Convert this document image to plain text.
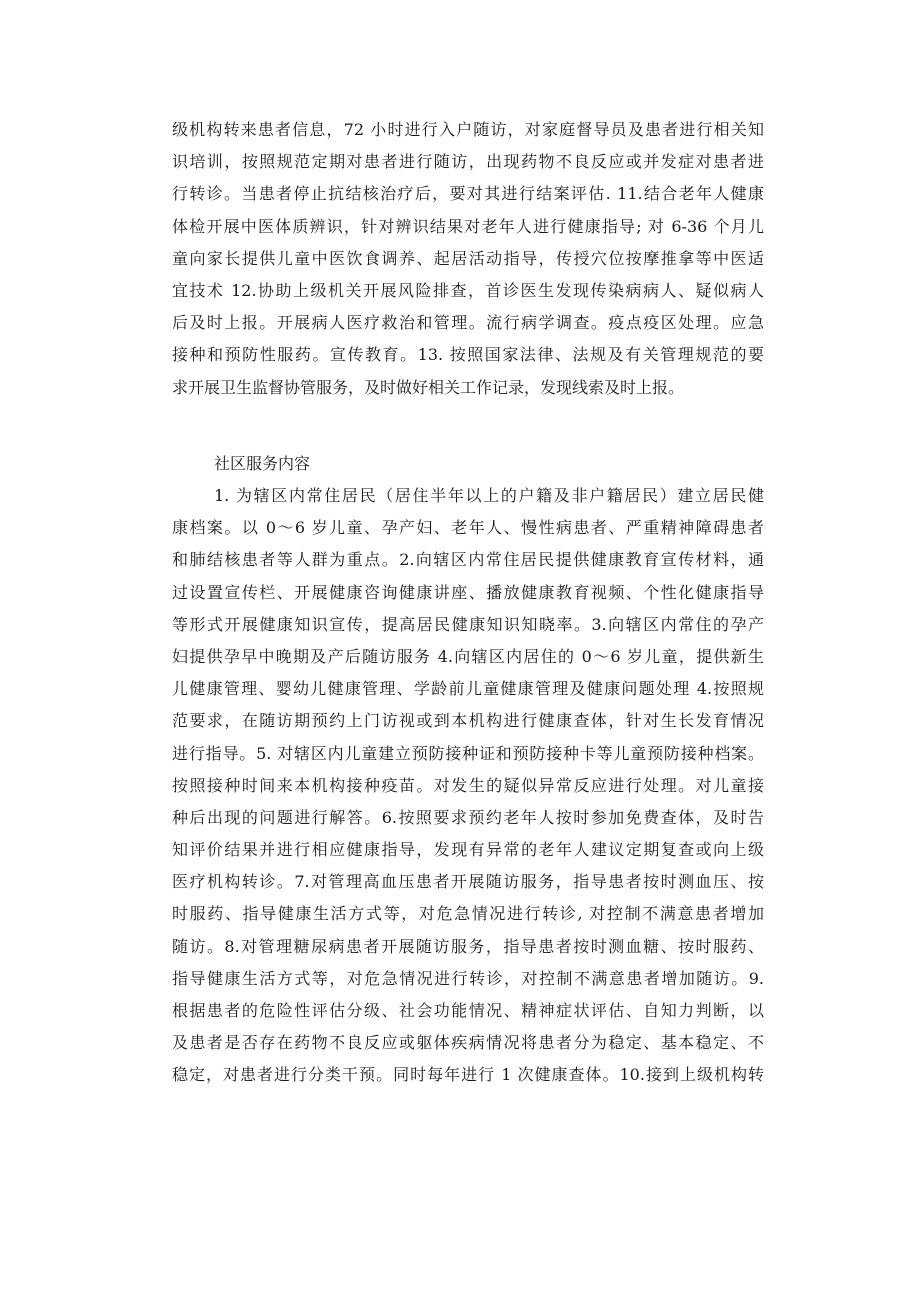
级机构转来患者信息，72 小时进行入户随访，对家庭督导员及患者进行相关知
识培训，按照规范定期对患者进行随访，出现药物不良反应或并发症对患者进
行转诊。当患者停止抗结核治疗后，要对其进行结案评估. 11.结合老年人健康
体检开展中医体质辨识，针对辨识结果对老年人进行健康指导; 对 6-36 个月儿
童向家长提供儿童中医饮食调养、起居活动指导，传授穴位按摩推拿等中医适
宜技术 12.协助上级机关开展风险排查，首诊医生发现传染病病人、疑似病人
后及时上报。开展病人医疗救治和管理。流行病学调查。疫点疫区处理。应急
接种和预防性服药。宣传教育。13. 按照国家法律、法规及有关管理规范的要
求开展卫生监督协管服务，及时做好相关工作记录，发现线索及时上报。
社区服务内容
1. 为辖区内常住居民（居住半年以上的户籍及非户籍居民）建立居民健
康档案。以 0～6 岁儿童、孕产妇、老年人、慢性病患者、严重精神障碍患者
和肺结核患者等人群为重点。2.向辖区内常住居民提供健康教育宣传材料，通
过设置宣传栏、开展健康咨询健康讲座、播放健康教育视频、个性化健康指导
等形式开展健康知识宣传，提高居民健康知识知晓率。3.向辖区内常住的孕产
妇提供孕早中晚期及产后随访服务 4.向辖区内居住的 0～6 岁儿童，提供新生
儿健康管理、婴幼儿健康管理、学龄前儿童健康管理及健康问题处理 4.按照规
范要求，在随访期预约上门访视或到本机构进行健康查体，针对生长发育情况
进行指导。5. 对辖区内儿童建立预防接种证和预防接种卡等儿童预防接种档案。
按照接种时间来本机构接种疫苗。对发生的疑似异常反应进行处理。对儿童接
种后出现的问题进行解答。6.按照要求预约老年人按时参加免费查体，及时告
知评价结果并进行相应健康指导，发现有异常的老年人建议定期复查或向上级
医疗机构转诊。7.对管理高血压患者开展随访服务，指导患者按时测血压、按
时服药、指导健康生活方式等，对危急情况进行转诊, 对控制不满意患者增加
随访。8.对管理糖尿病患者开展随访服务，指导患者按时测血糖、按时服药、
指导健康生活方式等，对危急情况进行转诊，对控制不满意患者增加随访。9.
根据患者的危险性评估分级、社会功能情况、精神症状评估、自知力判断，以
及患者是否存在药物不良反应或躯体疾病情况将患者分为稳定、基本稳定、不
稳定，对患者进行分类干预。同时每年进行 1 次健康查体。10.接到上级机构转
